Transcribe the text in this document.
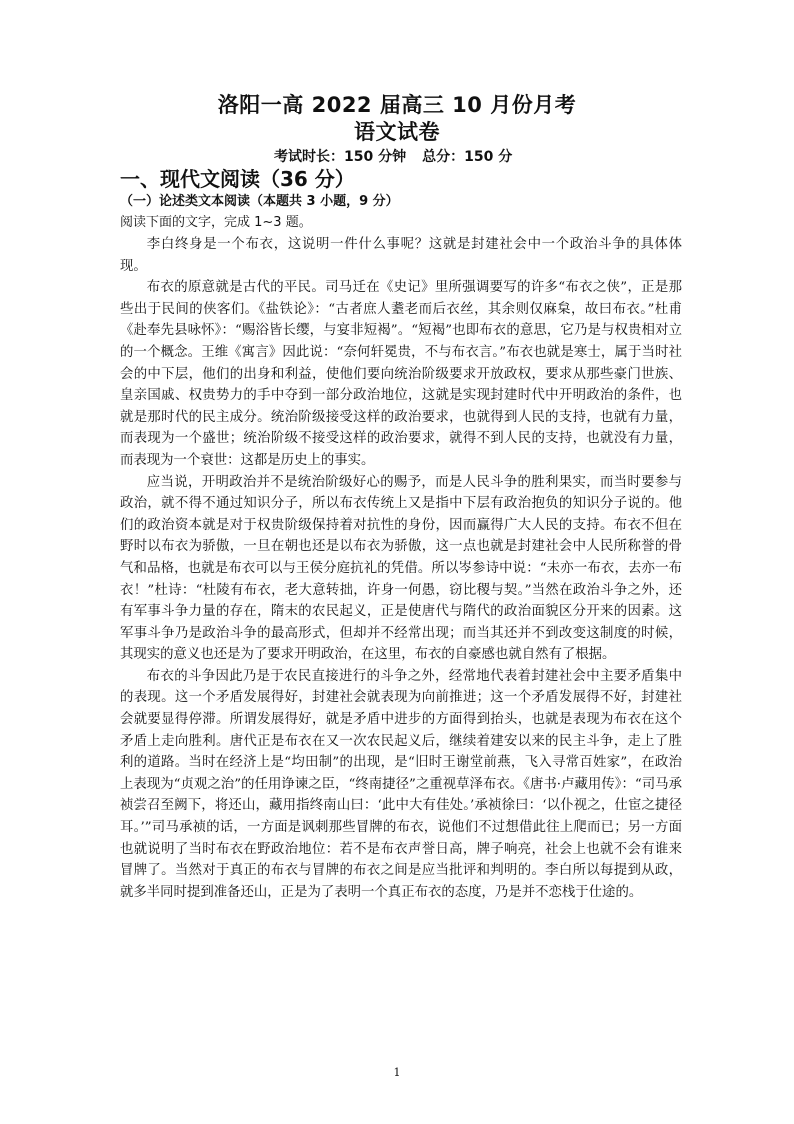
洛阳一高 2022 届高三 10 月份月考
语文试卷
考试时长：150 分钟 总分：150 分
一、现代文阅读（36 分）
（一）论述类文本阅读（本题共 3 小题，9 分）
阅读下面的文字，完成 1~3 题。

李白终身是一个布衣，这说明一件什么事呢？这就是封建社会中一个政治斗争的具体体现。

布衣的原意就是古代的平民。司马迁在《史记》里所强调要写的许多“布衣之侠”，正是那些出于民间的侠客们。《盐铁论》：“古者庶人耋老而后衣丝，其余则仅麻枲，故曰布衣。”杜甫《赴奉先县咏怀》：“赐浴皆长缨，与宴非短褐”。“短褐”也即布衣的意思，它乃是与权贵相对立的一个概念。王维《寓言》因此说：“奈何轩冕贵，不与布衣言。”布衣也就是寒士，属于当时社会的中下层，他们的出身和利益，使他们要向统治阶级要求开放政权，要求从那些豪门世族、皇亲国戚、权贵势力的手中夺到一部分政治地位，这就是实现封建时代中开明政治的条件，也就是那时代的民主成分。统治阶级接受这样的政治要求，也就得到人民的支持，也就有力量，而表现为一个盛世；统治阶级不接受这样的政治要求，就得不到人民的支持，也就没有力量，而表现为一个衰世：这都是历史上的事实。

应当说，开明政治并不是统治阶级好心的赐予，而是人民斗争的胜利果实，而当时要参与政治，就不得不通过知识分子，所以布衣传统上又是指中下层有政治抱负的知识分子说的。他们的政治资本就是对于权贵阶级保持着对抗性的身份，因而赢得广大人民的支持。布衣不但在野时以布衣为骄傲，一旦在朝也还是以布衣为骄傲，这一点也就是封建社会中人民所称誉的骨气和品格，也就是布衣可以与王侯分庭抗礼的凭借。所以岑参诗中说：“未亦一布衣，去亦一布衣！”杜诗：“杜陵有布衣，老大意转拙，许身一何愚，窃比稷与契。”当然在政治斗争之外，还有军事斗争力量的存在，隋末的农民起义，正是使唐代与隋代的政治面貌区分开来的因素。这军事斗争乃是政治斗争的最高形式，但却并不经常出现；而当其还并不到改变这制度的时候，其现实的意义也还是为了要求开明政治，在这里，布衣的自豪感也就自然有了根据。

布衣的斗争因此乃是于农民直接进行的斗争之外，经常地代表着封建社会中主要矛盾集中的表现。这一个矛盾发展得好，封建社会就表现为向前推进；这一个矛盾发展得不好，封建社会就要显得停滞。所谓发展得好，就是矛盾中进步的方面得到抬头，也就是表现为布衣在这个矛盾上走向胜利。唐代正是布衣在又一次农民起义后，继续着建安以来的民主斗争，走上了胜利的道路。当时在经济上是“均田制”的出现，是“旧时王谢堂前燕，飞入寻常百姓家”，在政治上表现为“贞观之治”的任用诤谏之臣，“终南捷径”之重视草泽布衣。《唐书·卢藏用传》：“司马承祯尝召至阙下，将还山，藏用指终南山曰：‘此中大有佳处。’承祯徐曰：‘以仆视之，仕宦之捷径耳。’”司马承祯的话，一方面是讽刺那些冒牌的布衣，说他们不过想借此往上爬而已；另一方面也就说明了当时布衣在野政治地位：若不是布衣声誉日高，牌子响亮，社会上也就不会有谁来冒牌了。当然对于真正的布衣与冒牌的布衣之间是应当批评和判明的。李白所以每提到从政，就多半同时提到准备还山，正是为了表明一个真正布衣的态度，乃是并不恋栈于仕途的。

1
